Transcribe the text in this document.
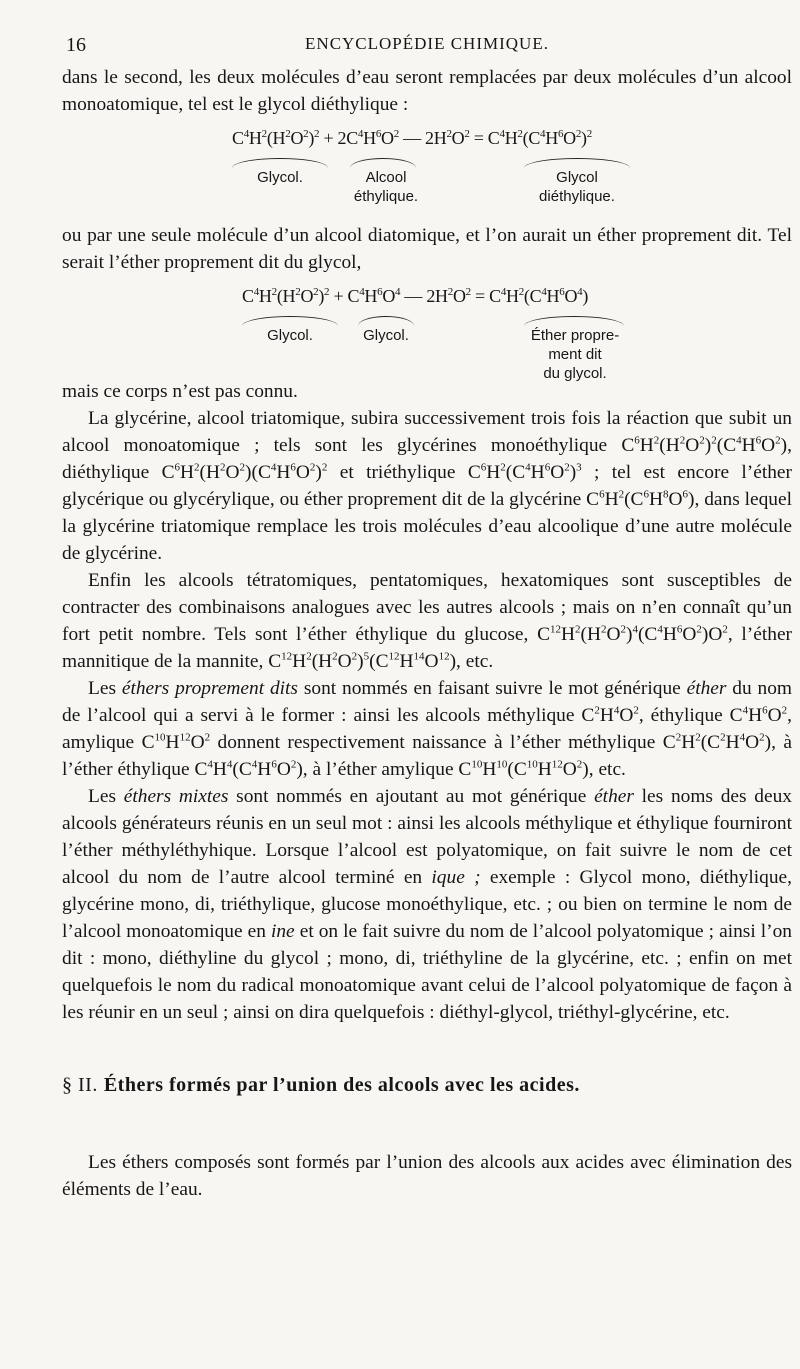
16	ENCYCLOPÉDIE CHIMIQUE.

dans le second, les deux molécules d’eau seront remplacées par deux molécules d’un alcool monoatomique, tel est le glycol diéthylique :

$C^4H^2(H^2O^2)^2 + 2C^4H^6O^2$ — $2H^2O^2 = C^4H^2(C^4H^6O^2)^2$
Glycol.	Alcool
éthylique.
Glycol
diéthylique.

ou par une seule molécule d’un alcool diatomique, et l’on aurait un éther proprement dit. Tel serait l’éther proprement dit du glycol,

$C^4H^2(H^2O^2)^2 + C^4H^6O^4$ — $2H^2O^2 = C^4H^2(C^4H^6O^4)$
Glycol.	Glycol.	Éther propre-
ment dit
du glycol.

mais ce corps n’est pas connu.

La glycérine, alcool triatomique, subira successivement trois fois la réaction que subit un alcool monoatomique ; tels sont les glycérines monoéthylique $C^6H^2(H^2O^2)^2(C^4H^6O^2)$, diéthylique $C^6H^2(H^2O^2)(C^4H^6O^2)^2$ et triéthylique $C^6H^2(C^4H^6O^2)^3$ ; tel est encore l’éther glycérique ou glycérylique, ou éther proprement dit de la glycérine $C^6H^2(C^6H^8O^6)$, dans lequel la glycérine triatomique remplace les trois molécules d’eau alcoolique d’une autre molécule de glycérine.

Enfin les alcools tétratomiques, pentatomiques, hexatomiques sont susceptibles de contracter des combinaisons analogues avec les autres alcools ; mais on n’en connaît qu’un fort petit nombre. Tels sont l’éther éthylique du glucose, $C^{12}H^2(H^2O^2)^4(C^4H^6O^2)O^2$, l’éther mannitique de la mannite, $C^{12}H^2(H^2O^2)^5(C^{12}H^{14}O^{12})$, etc.

Les éthers proprement dits sont nommés en faisant suivre le mot générique éther du nom de l’alcool qui a servi à le former : ainsi les alcools méthylique $C^2H^4O^2$, éthylique $C^4H^6O^2$, amylique $C^{10}H^{12}O^2$ donnent respectivement naissance à l’éther méthylique $C^2H^2(C^2H^4O^2)$, à l’éther éthylique $C^4H^4(C^4H^6O^2)$, à l’éther amylique $C^{10}H^{10}(C^{10}H^{12}O^2)$, etc.

Les éthers mixtes sont nommés en ajoutant au mot générique éther les noms des deux alcools générateurs réunis en un seul mot : ainsi les alcools méthylique et éthylique fourniront l’éther méthyléthyhique. Lorsque l’alcool est polyatomique, on fait suivre le nom de cet alcool du nom de l’autre alcool terminé en ique ; exemple : Glycol mono, diéthylique, glycérine mono, di, triéthylique, glucose monoéthylique, etc. ; ou bien on termine le nom de l’alcool monoatomique en ine et on le fait suivre du nom de l’alcool polyatomique ; ainsi l’on dit : mono, diéthyline du glycol ; mono, di, triéthyline de la glycérine, etc. ; enfin on met quelquefois le nom du radical monoatomique avant celui de l’alcool polyatomique de façon à les réunir en un seul ; ainsi on dira quelquefois : diéthyl-glycol, triéthyl-glycérine, etc.

§ II. Éthers formés par l’union des alcools avec les acides.

Les éthers composés sont formés par l’union des alcools aux acides avec élimination des éléments de l’eau.
